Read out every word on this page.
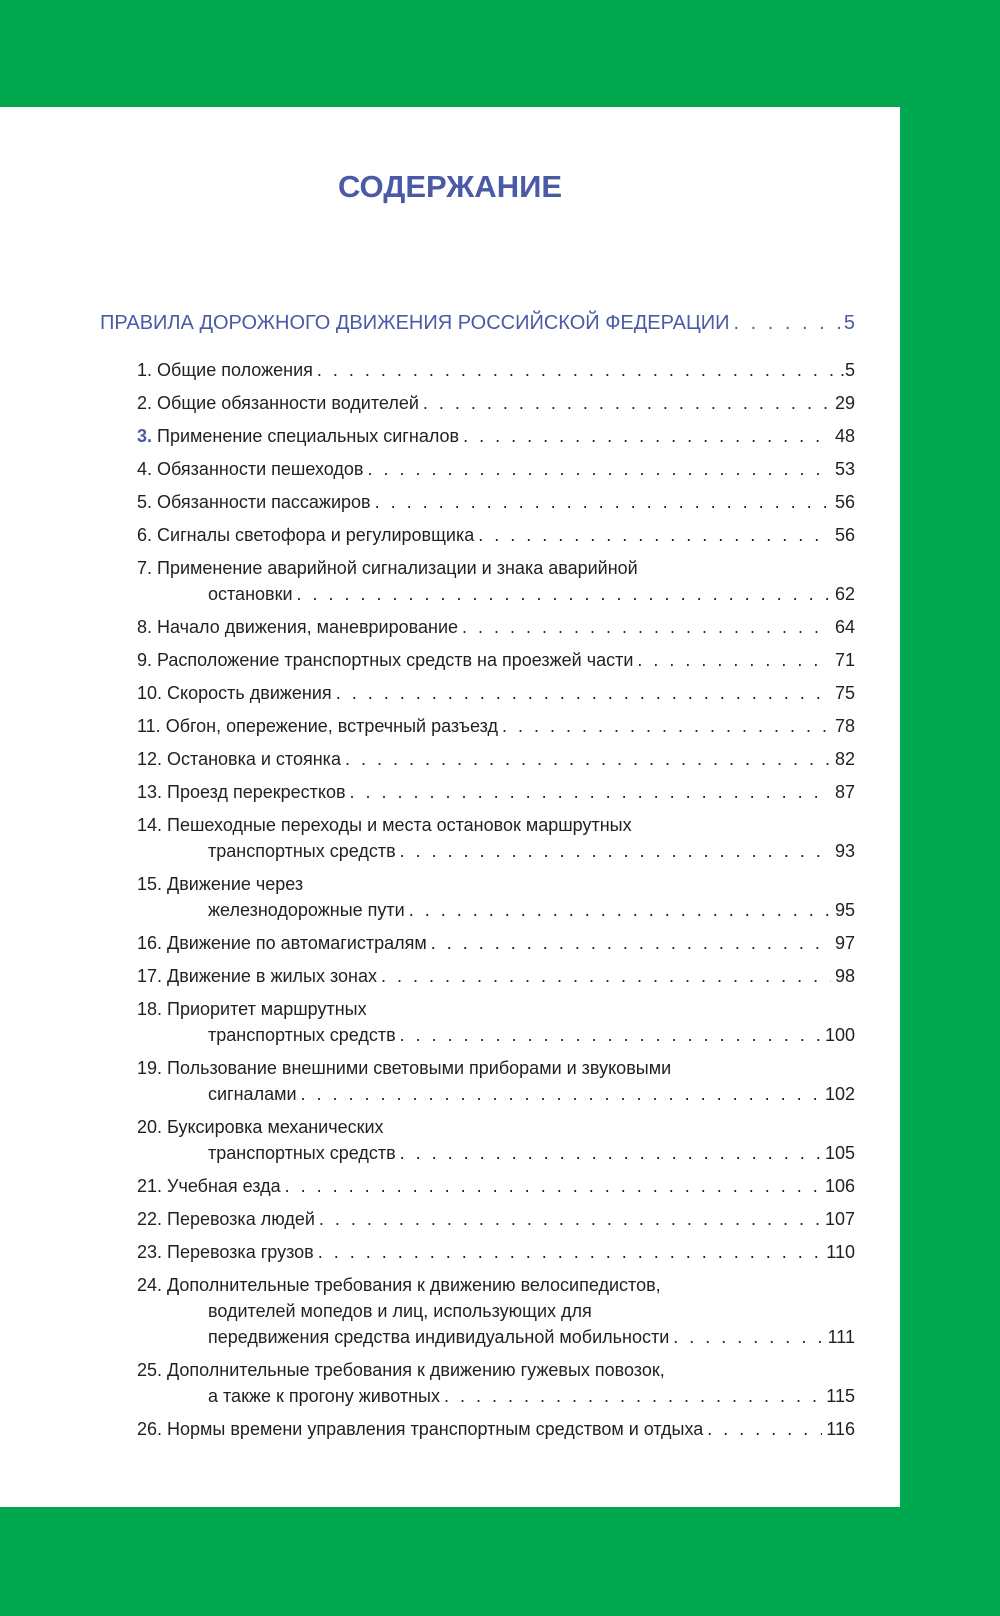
СОДЕРЖАНИЕ
ПРАВИЛА ДОРОЖНОГО ДВИЖЕНИЯ РОССИЙСКОЙ ФЕДЕРАЦИИ . . .	5
1. Общие положения . . .	.5
2. Общие обязанности водителей . . .	29
3. Применение специальных сигналов . . .	48
4. Обязанности пешеходов . . .	53
5. Обязанности пассажиров . . .	56
6. Сигналы светофора и регулировщика . . .	56
7. Применение аварийной сигнализации и знака аварийной
остановки . . .	62
8. Начало движения, маневрирование . . .	64
9. Расположение транспортных средств на проезжей части . . .	71
10. Скорость движения . . .	75
11. Обгон, опережение, встречный разъезд . . .	78
12. Остановка и стоянка . . .	82
13. Проезд перекрестков . . .	87
14. Пешеходные переходы и места остановок маршрутных
транспортных средств . . .	93
15. Движение через
железнодорожные пути . . .	95
16. Движение по автомагистралям . . .	97
17. Движение в жилых зонах . . .	98
18. Приоритет маршрутных
транспортных средств . . .	100
19. Пользование внешними световыми приборами и звуковыми
сигналами . . .	102
20. Буксировка механических
транспортных средств . . .	105
21. Учебная езда . . .	106
22. Перевозка людей . . .	107
23. Перевозка грузов . . .	110
24. Дополнительные требования к движению велосипедистов,
водителей мопедов и лиц, использующих для
передвижения средства индивидуальной мобильности . . .	111
25. Дополнительные требования к движению гужевых повозок,
а также к прогону животных . . .	115
26. Нормы времени управления транспортным средством и отдыха . . .	116
